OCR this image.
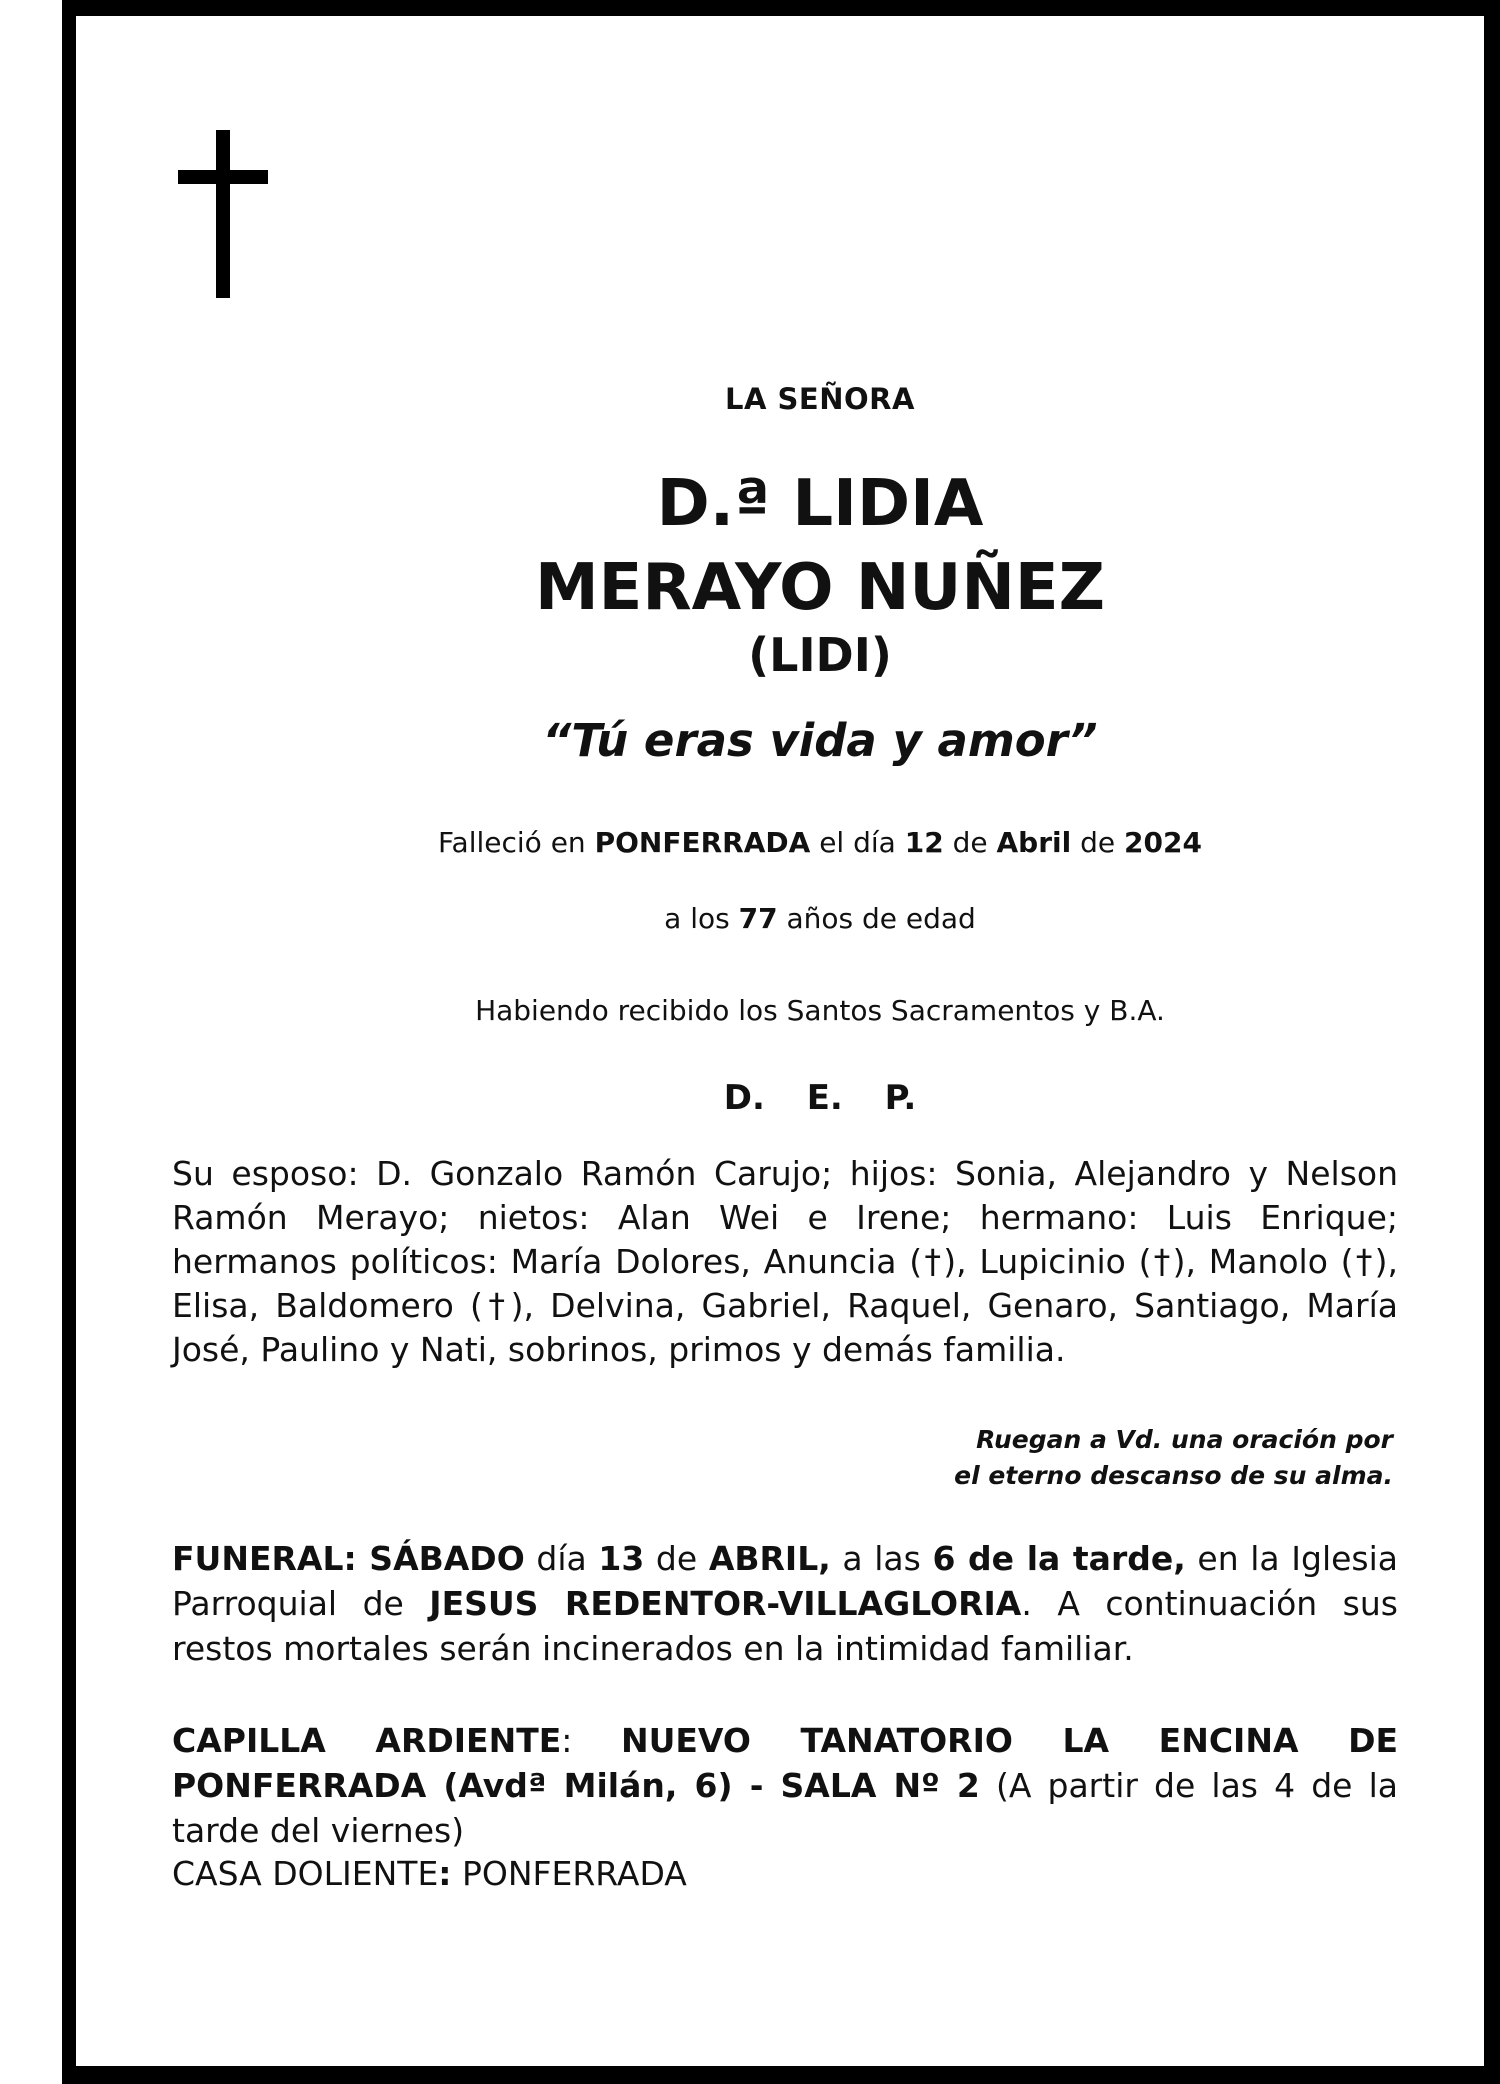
LA SEÑORA
D.ª LIDIA
MERAYO NUÑEZ
(LIDI)
“Tú eras vida y amor”
Falleció en PONFERRADA el día 12 de Abril de 2024
a los 77 años de edad
Habiendo recibido los Santos Sacramentos y B.A.
D. E. P.
Su esposo: D. Gonzalo Ramón Carujo; hijos: Sonia, Alejandro y Nelson Ramón Merayo; nietos: Alan Wei e Irene; hermano: Luis Enrique; hermanos políticos: María Dolores, Anuncia (†), Lupicinio (†), Manolo (†), Elisa, Baldomero (†), Delvina, Gabriel, Raquel, Genaro, Santiago, María José, Paulino y Nati, sobrinos, primos y demás familia.
Ruegan a Vd. una oración por
el eterno descanso de su alma.
FUNERAL: SÁBADO día 13 de ABRIL, a las 6 de la tarde, en la Iglesia Parroquial de JESUS REDENTOR-VILLAGLORIA. A continuación sus restos mortales serán incinerados en la intimidad familiar.
CAPILLA ARDIENTE: NUEVO TANATORIO LA ENCINA DE PONFERRADA (Avdª Milán, 6) - SALA Nº 2 (A partir de las 4 de la tarde del viernes)
CASA DOLIENTE: PONFERRADA
